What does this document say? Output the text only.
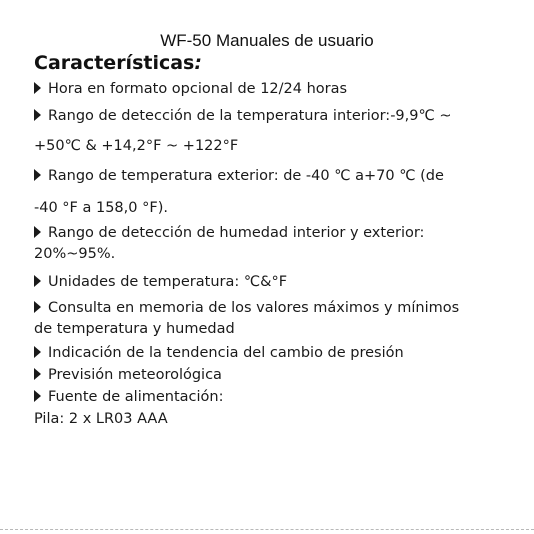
WF-50 Manuales de usuario
Características:
Hora en formato opcional de 12/24 horas
Rango de detección de la temperatura interior:-9,9℃ ~
+50℃ & +14,2°F ~ +122°F
Rango de temperatura exterior: de -40 ℃ a+70 ℃ (de
-40 °F a 158,0 °F).
Rango de detección de humedad interior y exterior:
20%~95%.
Unidades de temperatura: ℃&°F
Consulta en memoria de los valores máximos y mínimos
de temperatura y humedad
Indicación de la tendencia del cambio de presión
Previsión meteorológica
Fuente de alimentación:
Pila: 2 x LR03 AAA
